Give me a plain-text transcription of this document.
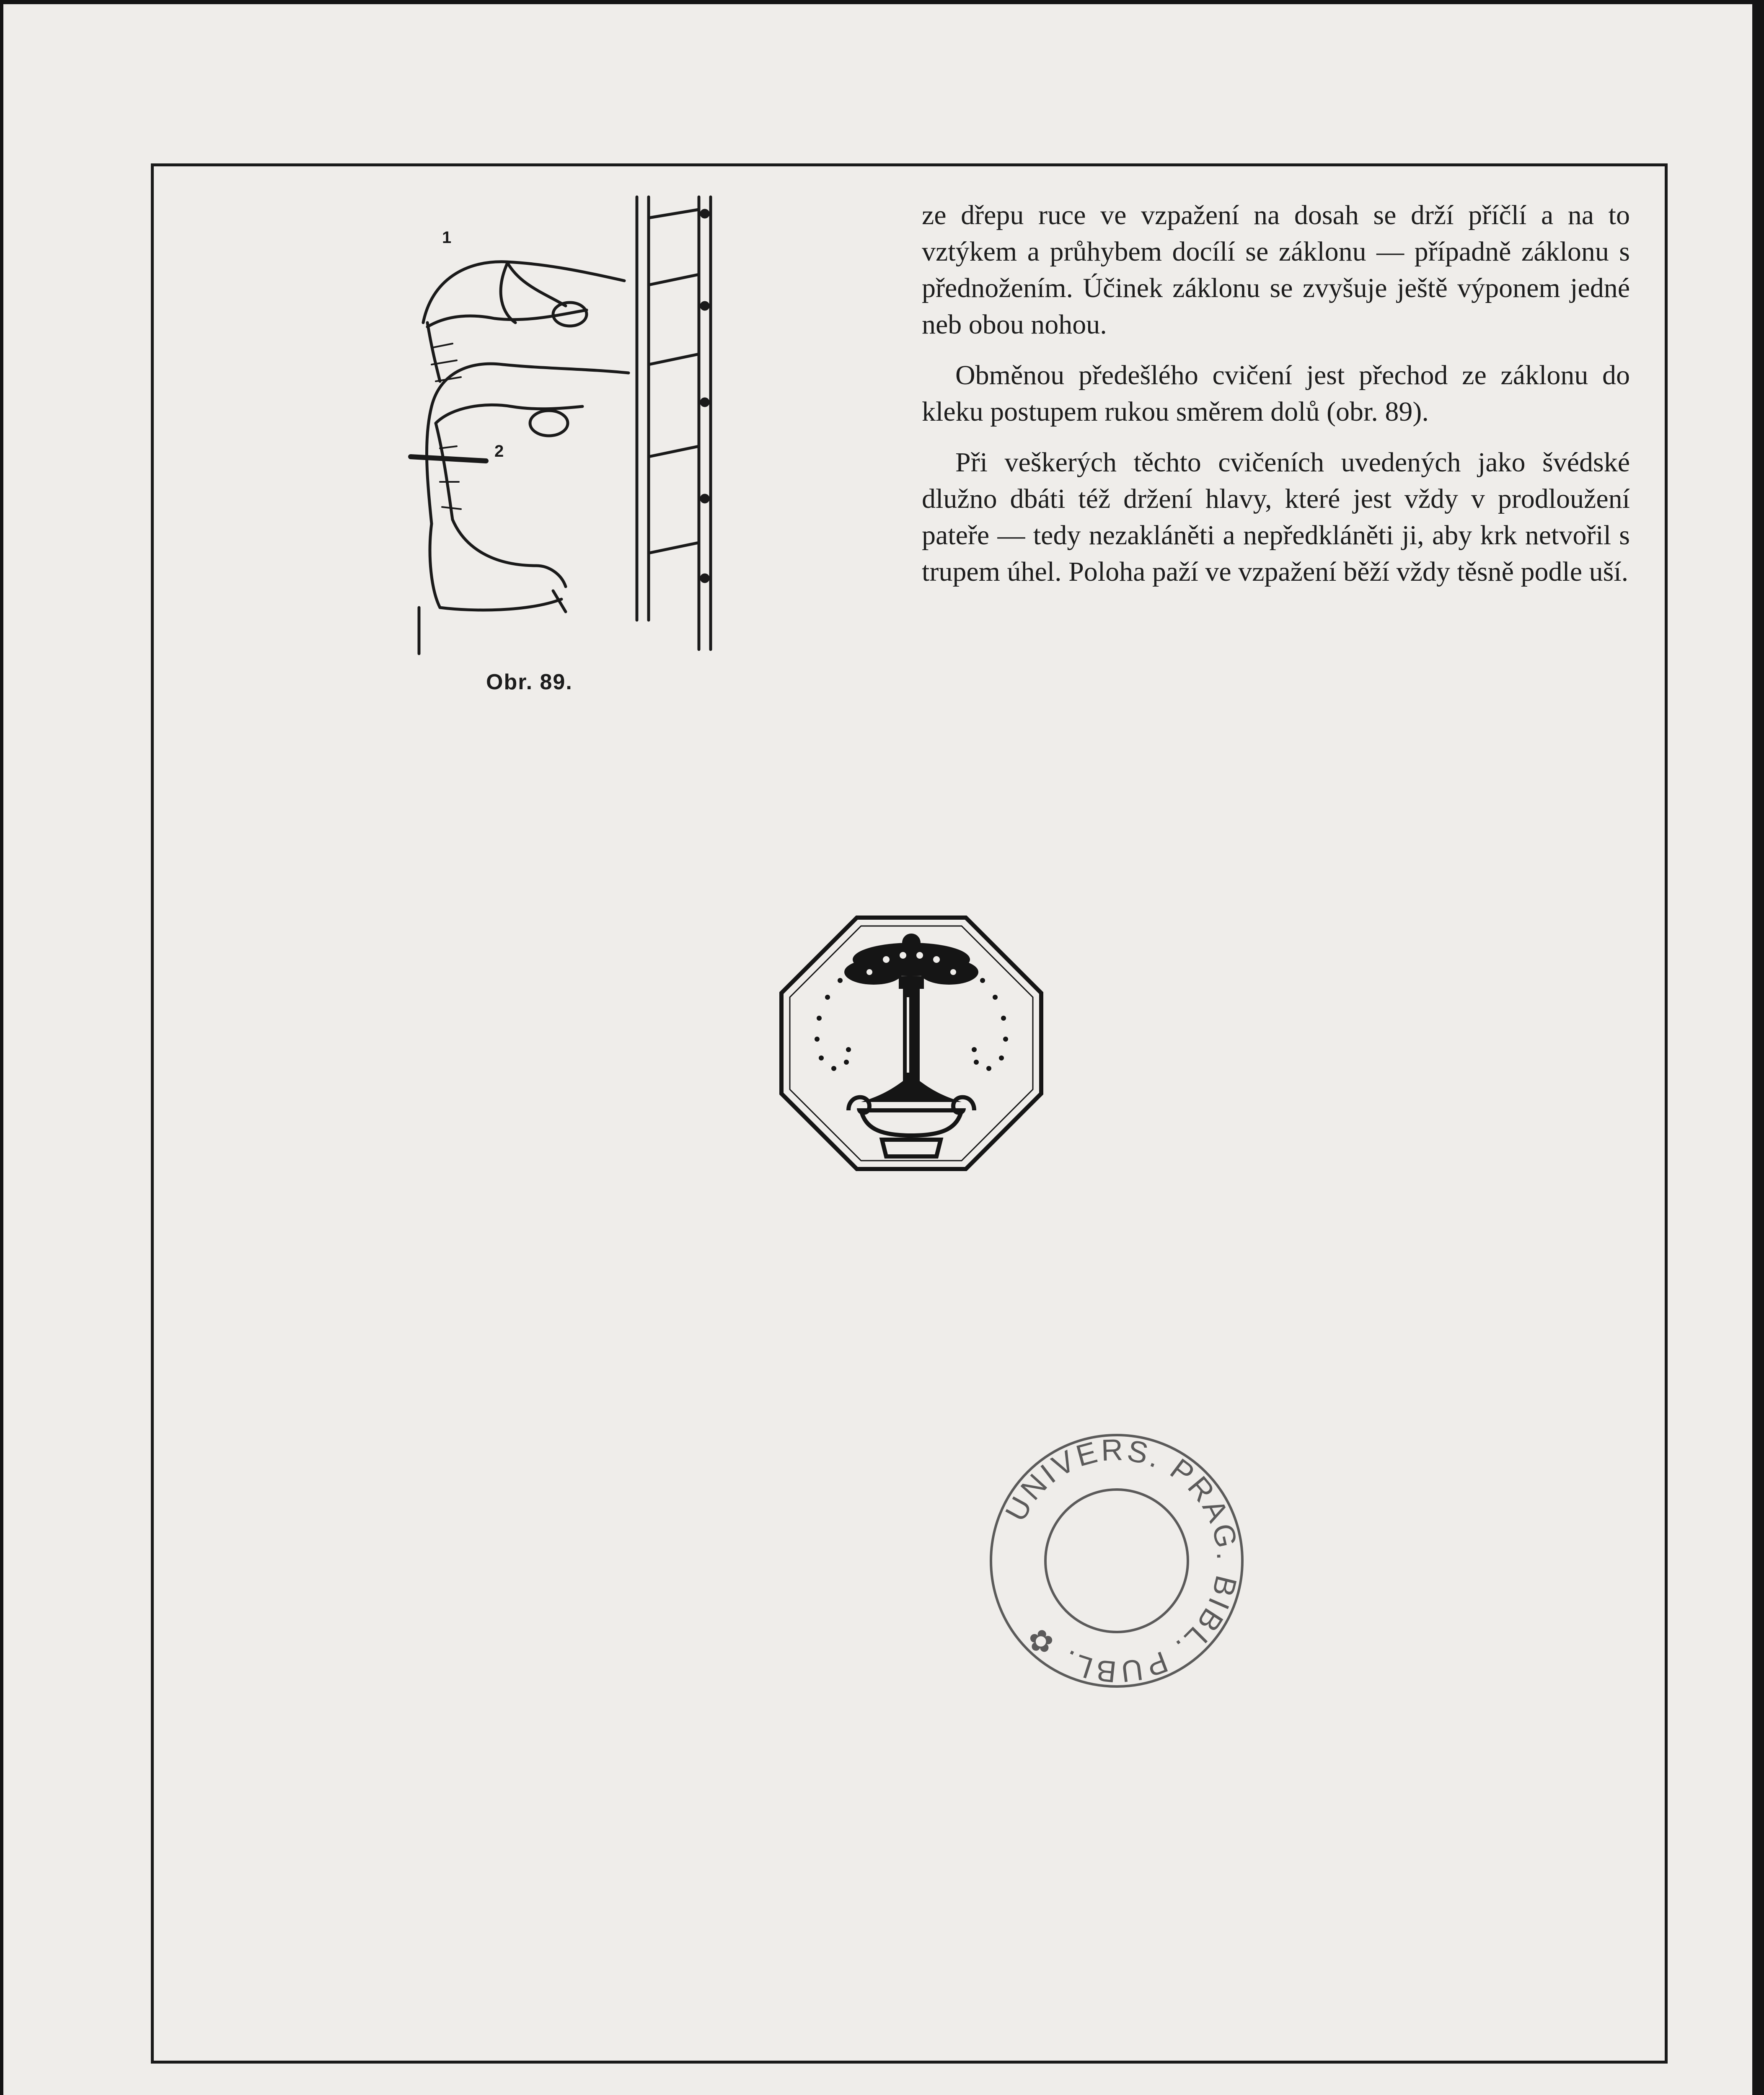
1
2
Obr. 89.

ze dřepu ruce ve vzpažení na dosah se drží příčlí a na to vztýkem a průhybem docílí se záklonu — případně záklonu s přednožením. Účinek záklonu se zvyšuje ještě výponem jedné neb obou nohou.

Obměnou předešlého cvičení jest přechod ze záklonu do kleku postupem rukou směrem dolů (obr. 89).

Při veškerých těchto cvičeních uvedených jako švédské dlužno dbáti též držení hlavy, které jest vždy v prodloužení pateře — tedy nezakláněti a nepředkláněti ji, aby krk netvořil s trupem úhel. Poloha paží ve vzpažení běží vždy těsně podle uší.

UNIVERS. PRAG. BIBL. PUBL. ✿
